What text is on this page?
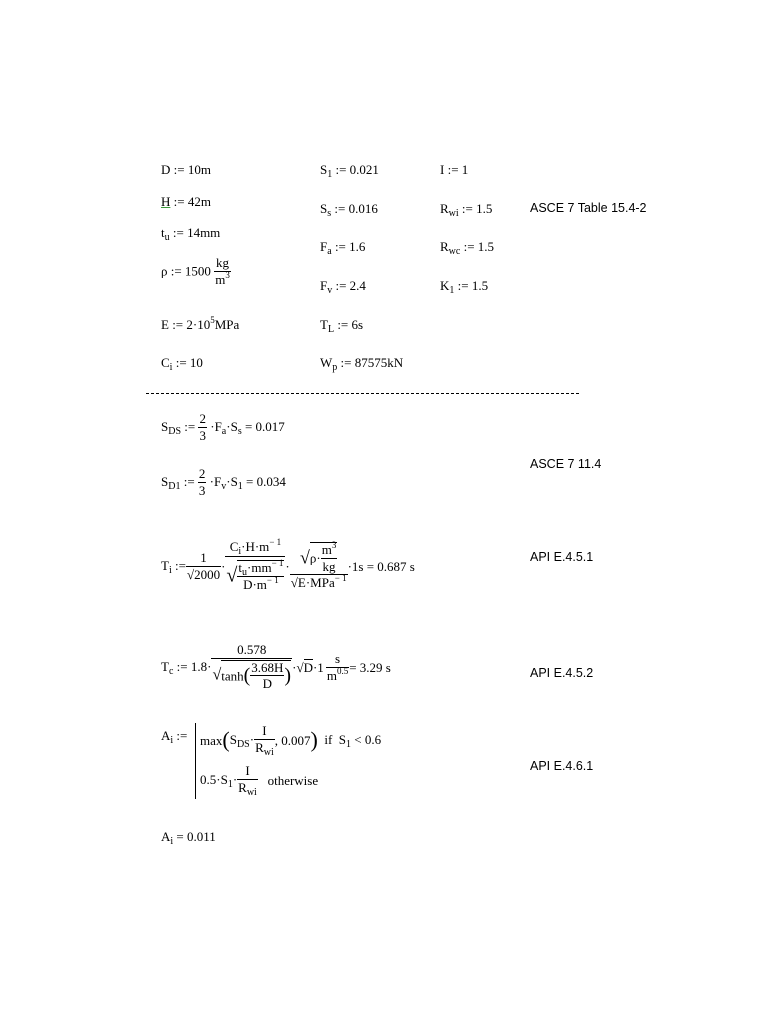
D := 10m
H := 42m
$t_u$ := 14mm
ρ := $1500 \frac{kg}{m^3}$
E := $2\cdot 10^5MPa$
$C_i$ := 10
$S_1$ := 0.021
$S_s$ := 0.016
$F_a$ := 1.6
$F_v$ := 2.4
$T_L$ := 6s
$W_p$ := 87575kN
I := 1
$R_{wi}$ := 1.5
$R_{wc}$ := 1.5
$K_1$ := 1.5
ASCE 7 Table 15.4-2
ASCE 7 11.4
API E.4.5.1
API E.4.5.2
API E.4.6.1
$S_{DS}$ := $\frac{2}{3} \cdot F_a\cdot S_s = 0.017$
$S_{D1}$ := $\frac{2}{3} \cdot F_v\cdot S_1 = 0.034$
$T_i$ := $\frac{1}{√2000} \cdot \frac{C_i\cdot H\cdot m^{- 1}}{√ \frac{t_u\cdot mm^{- 1}}{D\cdot m^{- 1}}} \cdot \frac{√\rho\cdot \frac{m^3}{kg}}{√E\cdot MPa^{- 1}} \cdot 1s = 0.687$ s
$T_c$ := $1.8\cdot \frac{0.578}{√\tanh( \frac{3.68H}{D} )} \cdot √D \cdot 1 \frac{s}{m^{0.5}} = 3.29$ s
$A_i$ := max ( $S_{DS}\cdot \frac{I}{R_{wi}}$ , 0.007 ) if  $S_1 < 0.6$
$0.5\cdot S_1\cdot \frac{I}{R_{wi}}$ otherwise
$A_i = 0.011$
